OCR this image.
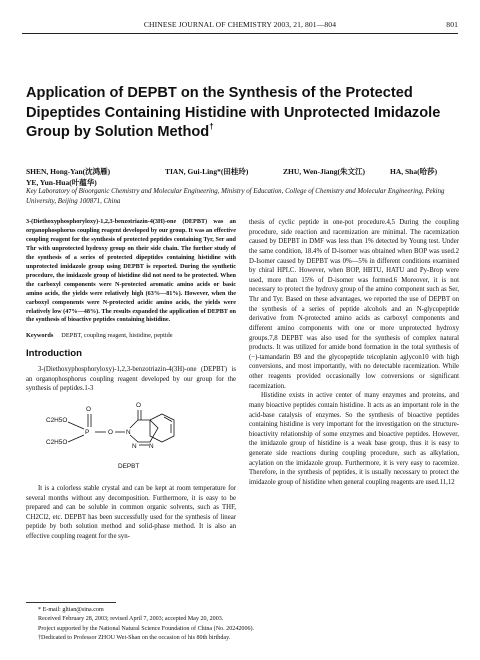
CHINESE JOURNAL OF CHEMISTRY 2003, 21, 801—804	801
Application of DEPBT on the Synthesis of the Protected Dipeptides Containing Histidine with Unprotected Imidazole Group by Solution Method†
SHEN, Hong-Yan(沈鸿雁)	TIAN, Gui-Ling*(田桂玲)	ZHU, Wen-Jiang(朱文江)	HA, Sha(哈莎)
YE, Yun-Hua(叶蕴华)
Key Laboratory of Bioorganic Chemistry and Molecular Engineering, Ministry of Education, College of Chemistry and Molecular Engineering, Peking University, Beijing 100871, China

3-(Diethoxyphosphoryloxy)-1,2,3-benzotriazin-4(3H)-one (DEPBT) was an organophosphorus coupling reagent developed by our group. It was an effective coupling reagent for the synthesis of protected peptides containing Tyr, Ser and Thr with unprotected hydroxy group on their side chain. The further study of the synthesis of a series of protected dipeptides containing histidine with unprotected imidazole group using DEPBT is reported. During the synthetic procedure, the imidazole group of histidine did not need to be protected. When the carboxyl components were N-protected aromatic amino acids or basic amino acids, the yields were relatively high (63%—81%). However, when the carboxyl components were N-protected acidic amino acids, the yields were relatively low (47%—48%). The results expanded the application of DEPBT on the synthesis of bioactive peptides containing histidine.

Keywords DEPBT, coupling reagent, histidine, peptide

Introduction

3-(Diethoxyphosphoryloxy)-1,2,3-benzotriazin-4(3H)-one (DEPBT) is an organophosphorus coupling reagent developed by our group for the synthesis of peptides.1-3

C2H5O
C2H5O
P
O
O N
N N
O
DEPBT

It is a colorless stable crystal and can be kept at room temperature for several months without any decomposition. Furthermore, it is easy to be prepared and can be soluble in common organic solvents, such as THF, CH2Cl2, etc. DEPBT has been successfully used for the synthesis of linear peptide by both solution method and solid-phase method. It is also an effective coupling reagent for the syn-

thesis of cyclic peptide in one-pot procedure.4,5 During the coupling procedure, side reaction and racemization are minimal. The racemization caused by DEPBT in DMF was less than 1% detected by Young test. Under the same condition, 18.4% of D-isomer was obtained when BOP was used.2 D-Isomer caused by DEPBT was 0%—5% in different conditions examined by chiral HPLC. However, when BOP, HBTU, HATU and Py-Brop were used, more than 15% of D-isomer was formed.6 Moreover, it is not necessary to protect the hydroxy group of the amino component such as Ser, Thr and Tyr. Based on these advantages, we reported the use of DEPBT on the synthesis of a series of peptide alcohols and an N-glycopeptide derivative from N-protected amino acids as carboxyl components and different amino components with one or more unprotected hydroxy groups.7,8 DEPBT was also used for the synthesis of complex natural products. It was utilized for amide bond formation in the total synthesis of (−)-tamandarin B9 and the glycopeptide teicoplanin aglycon10 with high conversions, and most importantly, with no detectable racemization. While other reagents provided occasionally low conversions or significant racemization.

Histidine exists in active center of many enzymes and proteins, and many bioactive peptides contain histidine. It acts as an important role in the acid-base catalysis of enzymes. So the synthesis of bioactive peptides containing histidine is very important for the investigation on the structure-bioactivity relationship of some enzymes and bioactive peptides. However, the imidazole group of histidine is a weak base group, thus it is easy to generate side reactions during coupling procedure, such as alkylation, acylation on the imidazole group. Furthermore, it is very easy to racemize. Therefore, in the synthesis of peptides, it is usually necessary to protect the imidazole group of histidine when general coupling reagents are used.11,12

* E-mail: gltian@sina.com
Received February 28, 2003; revised April 7, 2003; accepted May 20, 2003.
Project supported by the National Natural Science Foundation of China (No. 20242006).
†Dedicated to Professor ZHOU Wei-Shan on the occasion of his 80th birthday.
